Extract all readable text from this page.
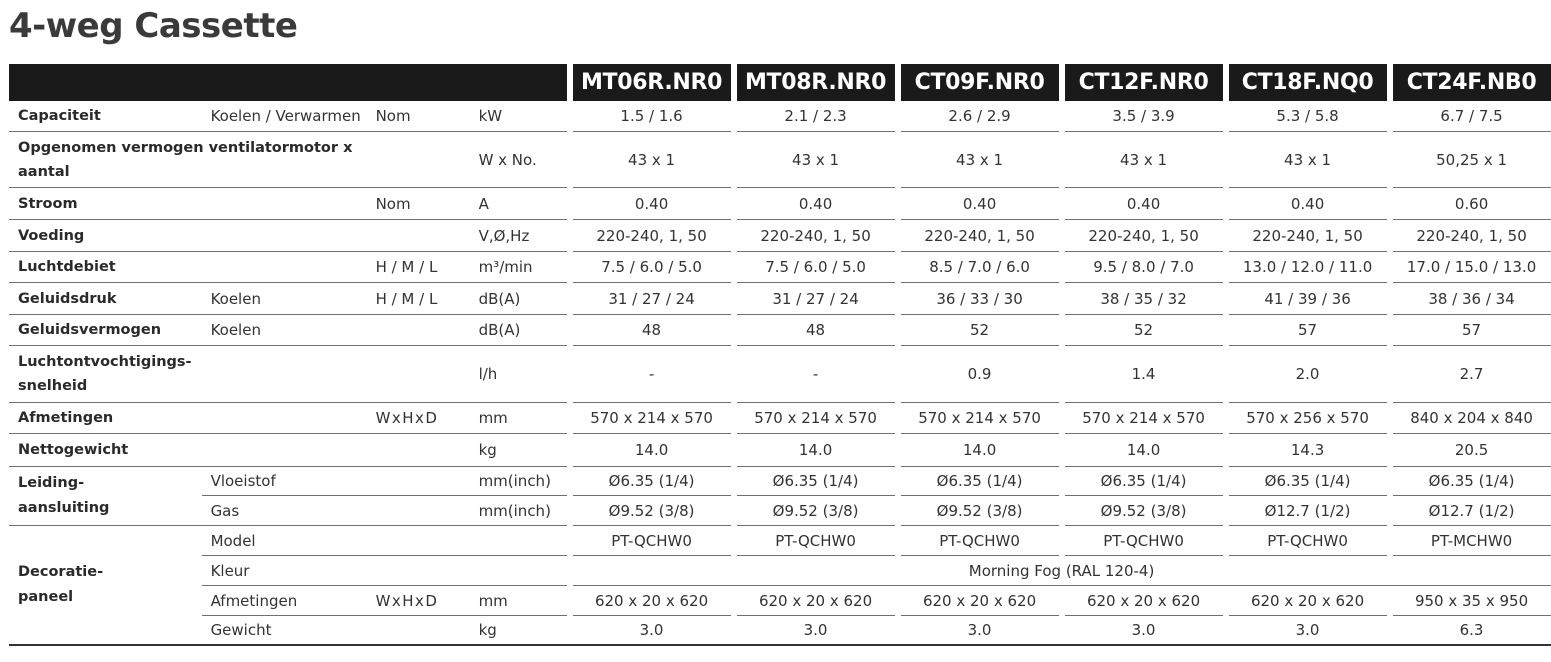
4-weg Cassette
					MT06R.NR0		MT08R.NR0		CT09F.NR0		CT12F.NR0		CT18F.NQ0		CT24F.NB0
Capaciteit	Koelen / Verwarmen	Nom	kW		1.5 / 1.6		2.1 / 2.3		2.6 / 2.9		3.5 / 3.9		5.3 / 5.8		6.7 / 7.5
Opgenomen vermogen ventilatormotor x aantal			W x No.		43 x 1		43 x 1		43 x 1		43 x 1		43 x 1		50,25 x 1
Stroom		Nom	A		0.40		0.40		0.40		0.40		0.40		0.60
Voeding			V,Ø,Hz		220-240, 1, 50		220-240, 1, 50		220-240, 1, 50		220-240, 1, 50		220-240, 1, 50		220-240, 1, 50
Luchtdebiet		H / M / L	m³/min		7.5 / 6.0 / 5.0		7.5 / 6.0 / 5.0		8.5 / 7.0 / 6.0		9.5 / 8.0 / 7.0		13.0 / 12.0 / 11.0		17.0 / 15.0 / 13.0
Geluidsdruk	Koelen	H / M / L	dB(A)		31 / 27 / 24		31 / 27 / 24		36 / 33 / 30		38 / 35 / 32		41 / 39 / 36		38 / 36 / 34
Geluidsvermogen	Koelen		dB(A)		48		48		52		52		57		57
Luchtontvochtigings-snelheid			l/h		-		-		0.9		1.4		2.0		2.7
Afmetingen		WxHxD	mm		570 x 214 x 570		570 x 214 x 570		570 x 214 x 570		570 x 214 x 570		570 x 256 x 570		840 x 204 x 840
Nettogewicht			kg		14.0		14.0		14.0		14.0		14.3		20.5
Leiding-aansluiting	Vloeistof		mm(inch)		Ø6.35 (1/4)		Ø6.35 (1/4)		Ø6.35 (1/4)		Ø6.35 (1/4)		Ø6.35 (1/4)		Ø6.35 (1/4)
	Gas		mm(inch)		Ø9.52 (3/8)		Ø9.52 (3/8)		Ø9.52 (3/8)		Ø9.52 (3/8)		Ø12.7 (1/2)		Ø12.7 (1/2)
Decoratie-paneel	Model				PT-QCHW0		PT-QCHW0		PT-QCHW0		PT-QCHW0		PT-QCHW0		PT-MCHW0
	Kleur				Morning Fog (RAL 120-4)										
	Afmetingen	WxHxD	mm		620 x 20 x 620		620 x 20 x 620		620 x 20 x 620		620 x 20 x 620		620 x 20 x 620		950 x 35 x 950
	Gewicht		kg		3.0		3.0		3.0		3.0		3.0		6.3
